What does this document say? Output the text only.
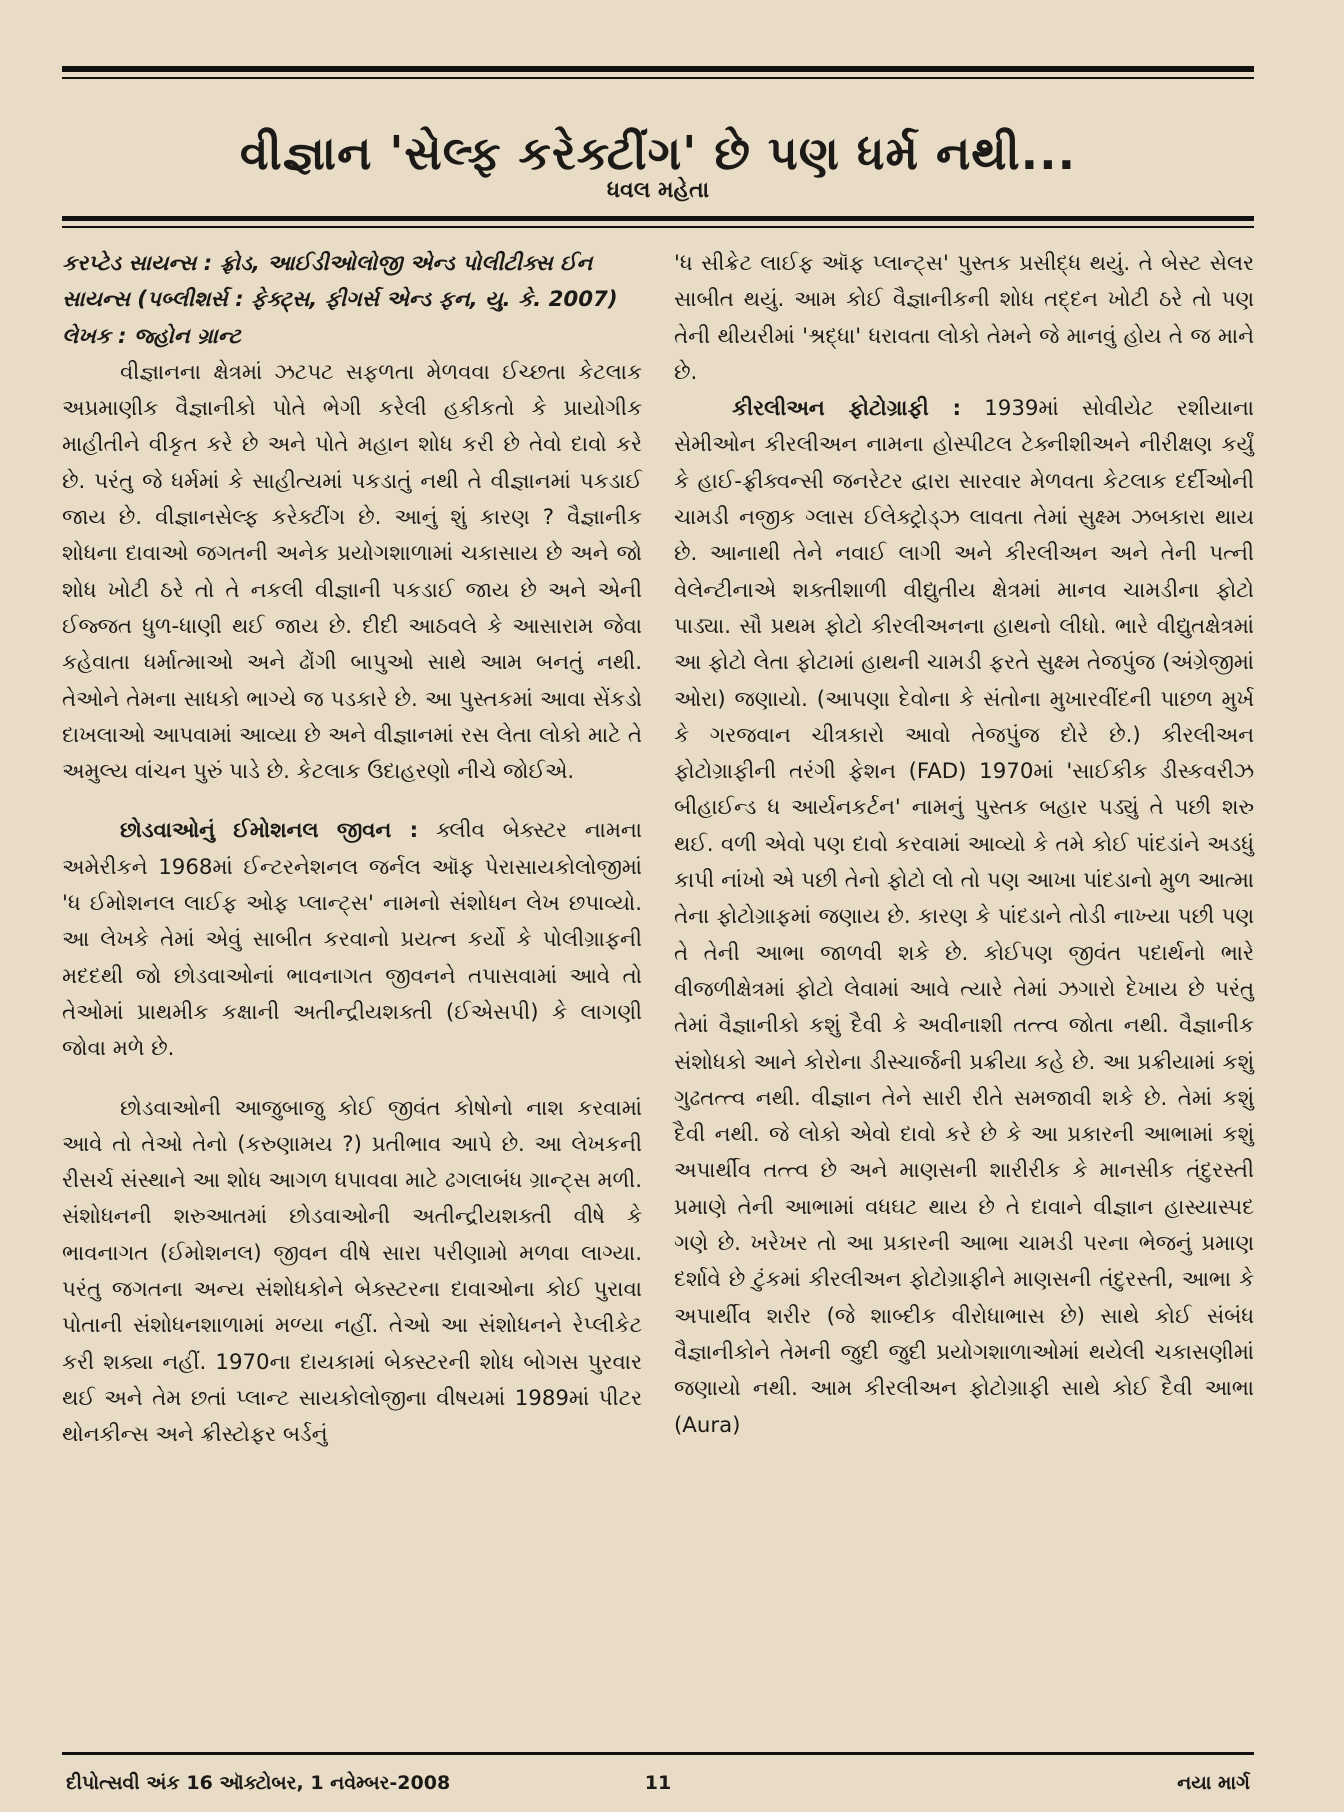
વીજ્ઞાન 'સેલ્ફ કરેક્ટીંગ' છે પણ ધર્મ નથી...
ધવલ મહેતા

કરપ્ટેડ સાયન્સ : ફ્રોડ, આઈડીઓલોજી એન્ડ પોલીટીક્સ ઈન

સાયન્સ (પબ્લીશર્સ : ફેક્ટ્સ, ફીગર્સ એન્ડ ફન, યુ. કે. 2007)

લેખક : જ્હોન ગ્રાન્ટ

વીજ્ઞાનના ક્ષેત્રમાં ઝટપટ સફળતા મેળવવા ઈચ્છતા કેટલાક અપ્રમાણીક વૈજ્ઞાનીકો પોતે ભેગી કરેલી હકીકતો કે પ્રાયોગીક માહીતીને વીકૃત કરે છે અને પોતે મહાન શોધ કરી છે તેવો દાવો કરે છે. પરંતુ જે ધર્મમાં કે સાહીત્યમાં પકડાતું નથી તે વીજ્ઞાનમાં પકડાઈ જાય છે. વીજ્ઞાનસેલ્ફ કરેક્ટીંગ છે. આનું શું કારણ ? વૈજ્ઞાનીક શોધના દાવાઓ જગતની અનેક પ્રયોગશાળામાં ચકાસાય છે અને જો શોધ ખોટી ઠરે તો તે નકલી વીજ્ઞાની પકડાઈ જાય છે અને એની ઈજ્જત ધુળ-ધાણી થઈ જાય છે. દીદી આઠવલે કે આસારામ જેવા કહેવાતા ધર્માત્માઓ અને ઢોંગી બાપુઓ સાથે આમ બનતું નથી. તેઓને તેમના સાધકો ભાગ્યે જ પડકારે છે. આ પુસ્તકમાં આવા સેંકડો દાખલાઓ આપવામાં આવ્યા છે અને વીજ્ઞાનમાં રસ લેતા લોકો માટે તે અમુલ્ય વાંચન પુરું પાડે છે. કેટલાક ઉદાહરણો નીચે જોઈએ.

છોડવાઓનું ઈમોશનલ જીવન : ક્લીવ બેક્સ્ટર નામના અમેરીકને 1968માં ઈન્ટરનેશનલ જર્નલ ઑફ પેરાસાયકોલોજીમાં 'ધ ઈમોશનલ લાઈફ ઓફ પ્લાન્ટ્સ' નામનો સંશોધન લેખ છપાવ્યો. આ લેખકે તેમાં એવું સાબીત કરવાનો પ્રયત્ન કર્યો કે પોલીગ્રાફની મદદથી જો છોડવાઓનાં ભાવનાગત જીવનને તપાસવામાં આવે તો તેઓમાં પ્રાથમીક કક્ષાની અતીન્દ્રીયશક્તી (ઈએસપી) કે લાગણી જોવા મળે છે.

છોડવાઓની આજુબાજુ કોઈ જીવંત કોષોનો નાશ કરવામાં આવે તો તેઓ તેનો (કરુણામય ?) પ્રતીભાવ આપે છે. આ લેખકની રીસર્ચ સંસ્થાને આ શોધ આગળ ધપાવવા માટે ઢગલાબંધ ગ્રાન્ટ્સ મળી. સંશોધનની શરુઆતમાં છોડવાઓની અતીન્દ્રીયશક્તી વીષે કે ભાવનાગત (ઈમોશનલ) જીવન વીષે સારા પરીણામો મળવા લાગ્યા. પરંતુ જગતના અન્ય સંશોધકોને બેક્સ્ટરના દાવાઓના કોઈ પુરાવા પોતાની સંશોધનશાળામાં મળ્યા નહીં. તેઓ આ સંશોધનને રેપ્લીકેટ કરી શક્યા નહીં. 1970ના દાયકામાં બેક્સ્ટરની શોધ બોગસ પુરવાર થઈ અને તેમ છતાં પ્લાન્ટ સાયકોલોજીના વીષયમાં 1989માં પીટર થોનકીન્સ અને ક્રીસ્ટોફર બર્ડનું

'ધ સીક્રેટ લાઈફ ઑફ પ્લાન્ટ્સ' પુસ્તક પ્રસીદ્ધ થયું. તે બેસ્ટ સેલર સાબીત થયું. આમ કોઈ વૈજ્ઞાનીકની શોધ તદ્દન ખોટી ઠરે તો પણ તેની થીયરીમાં 'શ્રદ્ધા' ધરાવતા લોકો તેમને જે માનવું હોય તે જ માને છે.

કીરલીઅન ફોટોગ્રાફી : 1939માં સોવીયેટ રશીયાના સેમીઓન કીરલીઅન નામના હોસ્પીટલ ટેક્નીશીઅને નીરીક્ષણ કર્યું કે હાઈ-ફ્રીક્વન્સી જનરેટર દ્વારા સારવાર મેળવતા કેટલાક દર્દીઓની ચામડી નજીક ગ્લાસ ઈલેક્ટ્રોડ્ઝ લાવતા તેમાં સુક્ષ્મ ઝબકારા થાય છે. આનાથી તેને નવાઈ લાગી અને કીરલીઅન અને તેની પત્ની વેલેન્ટીનાએ શક્તીશાળી વીદ્યુતીય ક્ષેત્રમાં માનવ ચામડીના ફોટો પાડ્યા. સૌ પ્રથમ ફોટો કીરલીઅનના હાથનો લીધો. ભારે વીદ્યુતક્ષેત્રમાં આ ફોટો લેતા ફોટામાં હાથની ચામડી ફરતે સુક્ષ્મ તેજપુંજ (અંગ્રેજીમાં ઓરા) જણાયો. (આપણા દેવોના કે સંતોના મુખારવીંદની પાછળ મુર્ખ કે ગરજવાન ચીત્રકારો આવો તેજપુંજ દોરે છે.) કીરલીઅન ફોટોગ્રાફીની તરંગી ફેશન (FAD) 1970માં 'સાઈકીક ડીસ્કવરીઝ બીહાઈન્ડ ધ આર્યનકર્ટન' નામનું પુસ્તક બહાર પડ્યું તે પછી શરુ થઈ. વળી એવો પણ દાવો કરવામાં આવ્યો કે તમે કોઈ પાંદડાંને અડધું કાપી નાંખો એ પછી તેનો ફોટો લો તો પણ આખા પાંદડાનો મુળ આત્મા તેના ફોટોગ્રાફમાં જણાય છે. કારણ કે પાંદડાને તોડી નાખ્યા પછી પણ તે તેની આભા જાળવી શકે છે. કોઈપણ જીવંત પદાર્થનો ભારે વીજળીક્ષેત્રમાં ફોટો લેવામાં આવે ત્યારે તેમાં ઝગારો દેખાય છે પરંતુ તેમાં વૈજ્ઞાનીકો કશું દૈવી કે અવીનાશી તત્ત્વ જોતા નથી. વૈજ્ઞાનીક સંશોધકો આને કોરોના ડીસ્ચાર્જની પ્રક્રીયા કહે છે. આ પ્રક્રીયામાં કશું ગુઢતત્ત્વ નથી. વીજ્ઞાન તેને સારી રીતે સમજાવી શકે છે. તેમાં કશું દૈવી નથી. જે લોકો એવો દાવો કરે છે કે આ પ્રકારની આભામાં કશું અપાર્થીવ તત્ત્વ છે અને માણસની શારીરીક કે માનસીક તંદુરસ્તી પ્રમાણે તેની આભામાં વધઘટ થાય છે તે દાવાને વીજ્ઞાન હાસ્યાસ્પદ ગણે છે. ખરેખર તો આ પ્રકારની આભા ચામડી પરના ભેજનું પ્રમાણ દર્શાવે છે ટુંકમાં કીરલીઅન ફોટોગ્રાફીને માણસની તંદુરસ્તી, આભા કે અપાર્થીવ શરીર (જે શાબ્દીક વીરોધાભાસ છે) સાથે કોઈ સંબંધ વૈજ્ઞાનીકોને તેમની જુદી જુદી પ્રયોગશાળાઓમાં થયેલી ચકાસણીમાં જણાયો નથી. આમ કીરલીઅન ફોટોગ્રાફી સાથે કોઈ દૈવી આભા (Aura)

દીપોત્સવી અંક 16 ઑક્ટોબર, 1 નવેમ્બર-2008	11	નયા માર્ગ
